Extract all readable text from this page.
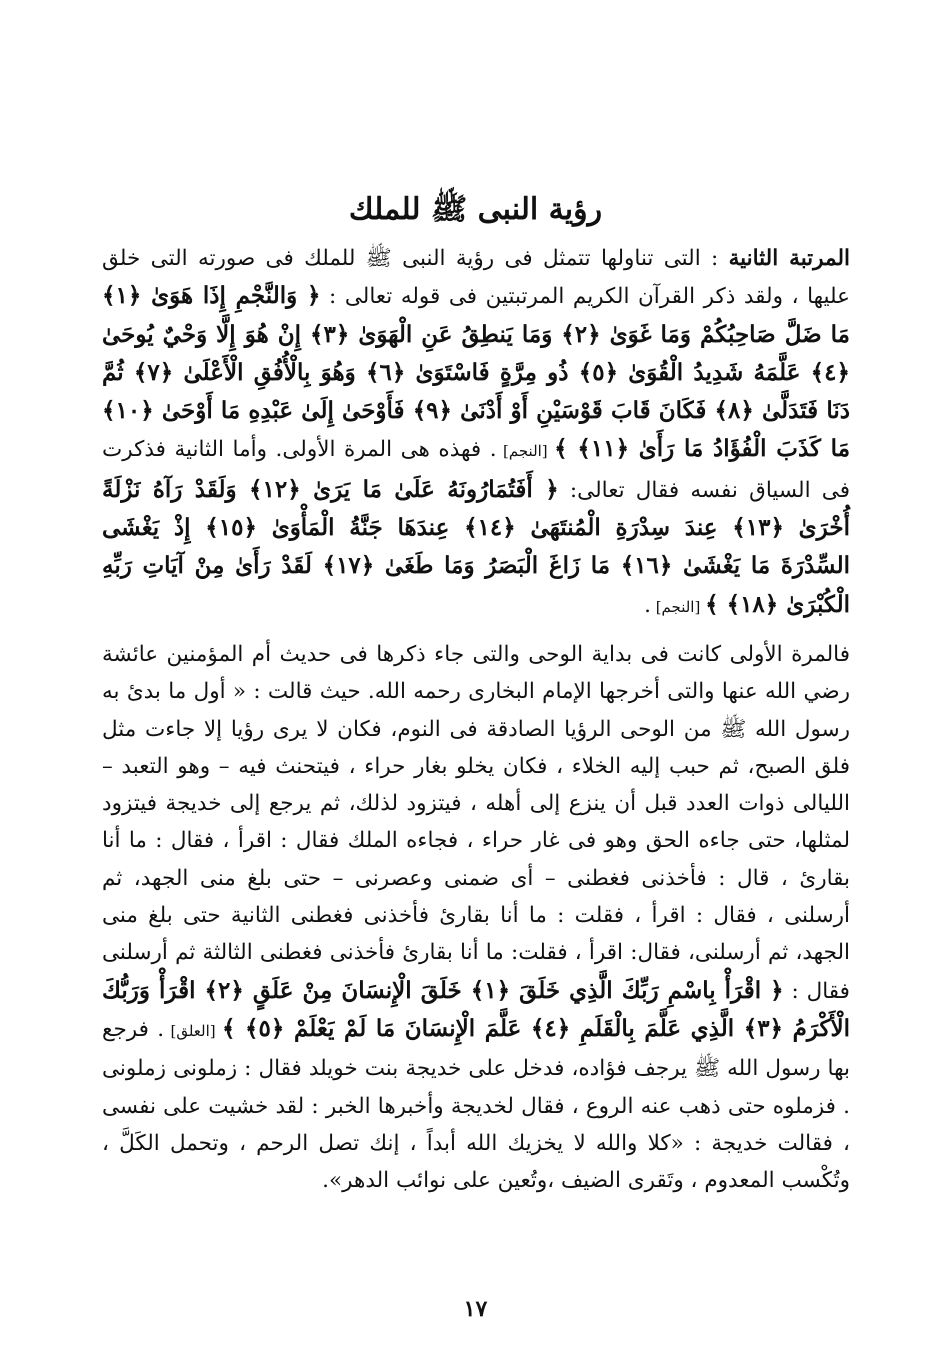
رؤية النبى ﷺ للملك

المرتبة الثانية : التى تناولها تتمثل فى رؤية النبى ﷺ للملك فى صورته التى خلق عليها ، ولقد ذكر القرآن الكريم المرتبتين فى قوله تعالى : ﴿ وَالنَّجْمِ إِذَا هَوَىٰ ﴿١﴾ مَا ضَلَّ صَاحِبُكُمْ وَمَا غَوَىٰ ﴿٢﴾ وَمَا يَنطِقُ عَنِ الْهَوَىٰ ﴿٣﴾ إِنْ هُوَ إِلَّا وَحْيٌ يُوحَىٰ ﴿٤﴾ عَلَّمَهُ شَدِيدُ الْقُوَىٰ ﴿٥﴾ ذُو مِرَّةٍ فَاسْتَوَىٰ ﴿٦﴾ وَهُوَ بِالْأُفُقِ الْأَعْلَىٰ ﴿٧﴾ ثُمَّ دَنَا فَتَدَلَّىٰ ﴿٨﴾ فَكَانَ قَابَ قَوْسَيْنِ أَوْ أَدْنَىٰ ﴿٩﴾ فَأَوْحَىٰ إِلَىٰ عَبْدِهِ مَا أَوْحَىٰ ﴿١٠﴾ مَا كَذَبَ الْفُؤَادُ مَا رَأَىٰ ﴿١١﴾ ﴾ [النجم] . فهذه هى المرة الأولى. وأما الثانية فذكرت فى السياق نفسه فقال تعالى: ﴿ أَفَتُمَارُونَهُ عَلَىٰ مَا يَرَىٰ ﴿١٢﴾ وَلَقَدْ رَآهُ نَزْلَةً أُخْرَىٰ ﴿١٣﴾ عِندَ سِدْرَةِ الْمُنتَهَىٰ ﴿١٤﴾ عِندَهَا جَنَّةُ الْمَأْوَىٰ ﴿١٥﴾ إِذْ يَغْشَى السِّدْرَةَ مَا يَغْشَىٰ ﴿١٦﴾ مَا زَاغَ الْبَصَرُ وَمَا طَغَىٰ ﴿١٧﴾ لَقَدْ رَأَىٰ مِنْ آيَاتِ رَبِّهِ الْكُبْرَىٰ ﴿١٨﴾ ﴾ [النجم] .

فالمرة الأولى كانت فى بداية الوحى والتى جاء ذكرها فى حديث أم المؤمنين عائشة رضي الله عنها والتى أخرجها الإمام البخارى رحمه الله. حيث قالت : « أول ما بدئ به رسول الله ﷺ من الوحى الرؤيا الصادقة فى النوم، فكان لا يرى رؤيا إلا جاءت مثل فلق الصبح، ثم حبب إليه الخلاء ، فكان يخلو بغار حراء ، فيتحنث فيه – وهو التعبد – الليالى ذوات العدد قبل أن ينزع إلى أهله ، فيتزود لذلك، ثم يرجع إلى خديجة فيتزود لمثلها، حتى جاءه الحق وهو فى غار حراء ، فجاءه الملك فقال : اقرأ ، فقال : ما أنا بقارئ ، قال : فأخذنى فغطنى – أى ضمنى وعصرنى – حتى بلغ منى الجهد، ثم أرسلنى ، فقال : اقرأ ، فقلت : ما أنا بقارئ فأخذنى فغطنى الثانية حتى بلغ منى الجهد، ثم أرسلنى، فقال: اقرأ ، فقلت: ما أنا بقارئ فأخذنى فغطنى الثالثة ثم أرسلنى فقال : ﴿ اقْرَأْ بِاسْمِ رَبِّكَ الَّذِي خَلَقَ ﴿١﴾ خَلَقَ الْإِنسَانَ مِنْ عَلَقٍ ﴿٢﴾ اقْرَأْ وَرَبُّكَ الْأَكْرَمُ ﴿٣﴾ الَّذِي عَلَّمَ بِالْقَلَمِ ﴿٤﴾ عَلَّمَ الْإِنسَانَ مَا لَمْ يَعْلَمْ ﴿٥﴾ ﴾ [العلق] . فرجع بها رسول الله ﷺ يرجف فؤاده، فدخل على خديجة بنت خويلد فقال : زملونى زملونى . فزملوه حتى ذهب عنه الروع ، فقال لخديجة وأخبرها الخبر : لقد خشيت على نفسى ، فقالت خديجة : «كلا والله لا يخزيك الله أبداً ، إنك تصل الرحم ، وتحمل الكَلَّ ، وتُكْسب المعدوم ، وتَقرى الضيف ،وتُعين على نوائب الدهر».

١٧
